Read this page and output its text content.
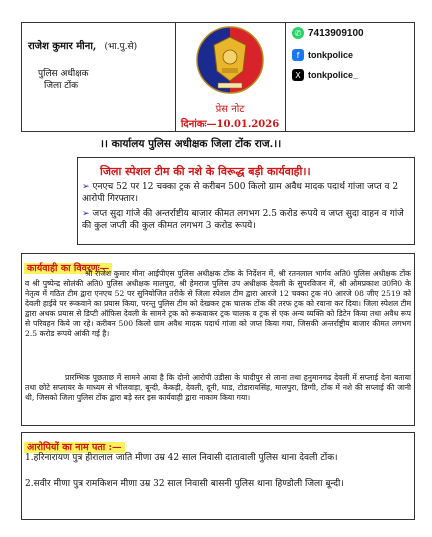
राजेश कुमार मीना, (भा.पु.से)
पुलिस अधीक्षक
जिला टोंक
प्रेस नोट
दिनांकः—10.01.2026
✆ 7413909100
f tonkpolice
X tonkpolice_
।। कार्यालय पुलिस अधीक्षक जिला टोंक राज.।।
जिला स्पेशल टीम की नशे के विरूद्ध बड़ी कार्यवाही।।
➢ एनएच 52 पर 12 चक्का ट्रक से करीबन 500 किलो ग्राम अवैध मादक पदार्थ गांजा जप्त व 2 आरोपी गिरफ्तार।
➢ जप्त सुदा गांजे की अन्तर्राष्टीय बाजार कीमत लगभग 2.5 करोड रूपये व जप्त सुदा वाहन व गांजे की कुल जप्ती की कुल कीमत लगभग 3 करोड रूपये।
कार्यवाही का विवरणः—
श्री राजेश कुमार मीना आईपीएस पुलिस अधीक्षक टोंक के निर्देशन में, श्री रतनलाल भार्गव अति0 पुलिस अधीक्षक टोंक व श्री पुष्पेन्द्र सोलंकी अति0 पुलिस अधीक्षक मालपुरा, श्री हेमराज पुलिस उप अधीक्षक देवली के सुपरविजन में, श्री ओमप्रकाश उ0नि0 के नेतृत्व में गठित टीम द्वारा एनएच 52 पर सुनियोजित तरीके से जिला स्पेशल टीम द्वारा आरजे 12 चक्का ट्रक नं0 आरजे 08 जीए 2519 को देवली हाईवे पर रूकवाने का प्रयास किया, परन्तु पुलिस टीम को देखकर ट्रक चालक टोंक की तरफ ट्रक को रवाना कर दिया। जिला स्पेशल टीम द्वारा अथक प्रयास से डिप्टी ऑफिस देवली के सामने ट्रक को रूकवाकर ट्रक चालक व ट्रक से एक अन्य व्यक्ति को डिटेन किया तथा अवैध रूप से परिवहन किये जा रहे। करीबन 500 किलो ग्राम अवैध मादक पदार्थ गांजा को जप्त किया गया, जिसकी अन्तर्राष्ट्रीय बाजार कीमत लगभग 2.5 करोड रूपये आंकी गई है।
प्रारम्भिक पूछताछ में सामने आया है कि दोनो आरोपी उडीसा के घादीपुर से लाना तथा हनुमानगढ देवली में सप्लाई देना बताया तथा छोटे सप्लायर के माध्यम से भीलवाड़ा, बून्दी, केकड़ी, देवली, दूनी, घाड, टोडारायसिंह, मालपुरा, डिग्गी, टोंक में नशे की सप्लाई की जानी थी, जिसको जिला पुलिस टोंक द्वारा बड़े स्तर इस कार्यवाही द्वारा नाकाम किया गया।
आरोपियों का नाम पता :—
1.हरिनारायण पुत्र हीरालाल जाति मीणा उम्र 42 साल निवासी दातावाली पुलिस थाना देवली टोंक।
2.सवीर मीणा पुत्र रामकिशन मीणा उम्र 32 साल निवासी बासनी पुलिस थाना हिण्डोली जिला बून्दी।
